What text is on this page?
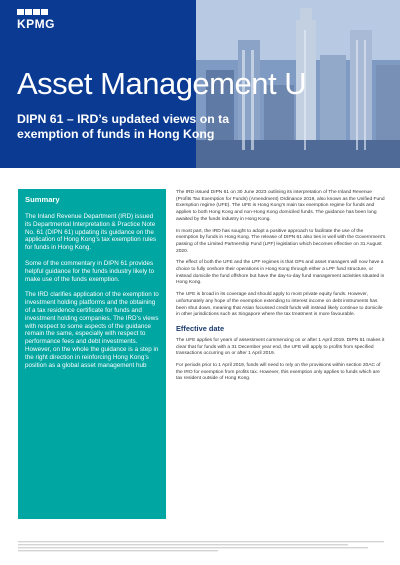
KPMG
Asset Management U
DIPN 61 – IRD’s updated views on ta
exemption of funds in Hong Kong
Summary

The Inland Revenue Department (IRD) issued its Departmental Interpretation & Practice Note No. 61 (DIPN 61) updating its guidance on the application of Hong Kong’s tax exemption rules for funds in Hong Kong.

Some of the commentary in DIPN 61 provides helpful guidance for the funds industry likely to make use of the funds exemption.

The IRD clarifies application of the exemption to investment holding platforms and the obtaining of a tax residence certificate for funds and investment holding companies. The IRD’s views with respect to some aspects of the guidance remain the same, especially with respect to performance fees and debt investments. However, on the whole the guidance is a step in the right direction in reinforcing Hong Kong’s position as a global asset management hub

The IRD issued DIPN 61 on 30 June 2023 outlining its interpretation of The Inland Revenue (Profits Tax Exemption for Funds) (Amendment) Ordinance 2019, also known as the Unified Fund Exemption regime (UFE). The UFE is Hong Kong’s main tax exemption regime for funds and applies to both Hong Kong and non-Hong Kong domiciled funds. The guidance has been long awaited by the funds industry in Hong Kong.

In most part, the IRD has sought to adopt a positive approach to facilitate the use of the exemption by funds in Hong Kong. The release of DIPN 61 also ties in well with the Government’s passing of the Limited Partnership Fund (LPF) legislation which becomes effective on 31 August 2020.

The effect of both the UFE and the LPF regimes is that GPs and asset managers will now have a choice to fully onshore their operations in Hong Kong through either a LPF fund structure, or instead domicile the fund offshore but have the day-to-day fund management activities situated in Hong Kong.

The UFE is broad in its coverage and should apply to most private equity funds. However, unfortunately any hope of the exemption extending to interest income on debt instruments has been shut down, meaning that Asian focussed credit funds will instead likely continue to domicile in other jurisdictions such as Singapore where the tax treatment is more favourable.

Effective date

The UFE applies for years of assessment commencing on or after 1 April 2019. DIPN 61 makes it clear that for funds with a 31 December year end, the UFE will apply to profits from specified transactions occurring on or after 1 April 2019.

For periods prior to 1 April 2019, funds will need to rely on the provisions within section 20AC of the IRO for exemption from profits tax. However, this exemption only applies to funds which are tax resident outside of Hong Kong.
